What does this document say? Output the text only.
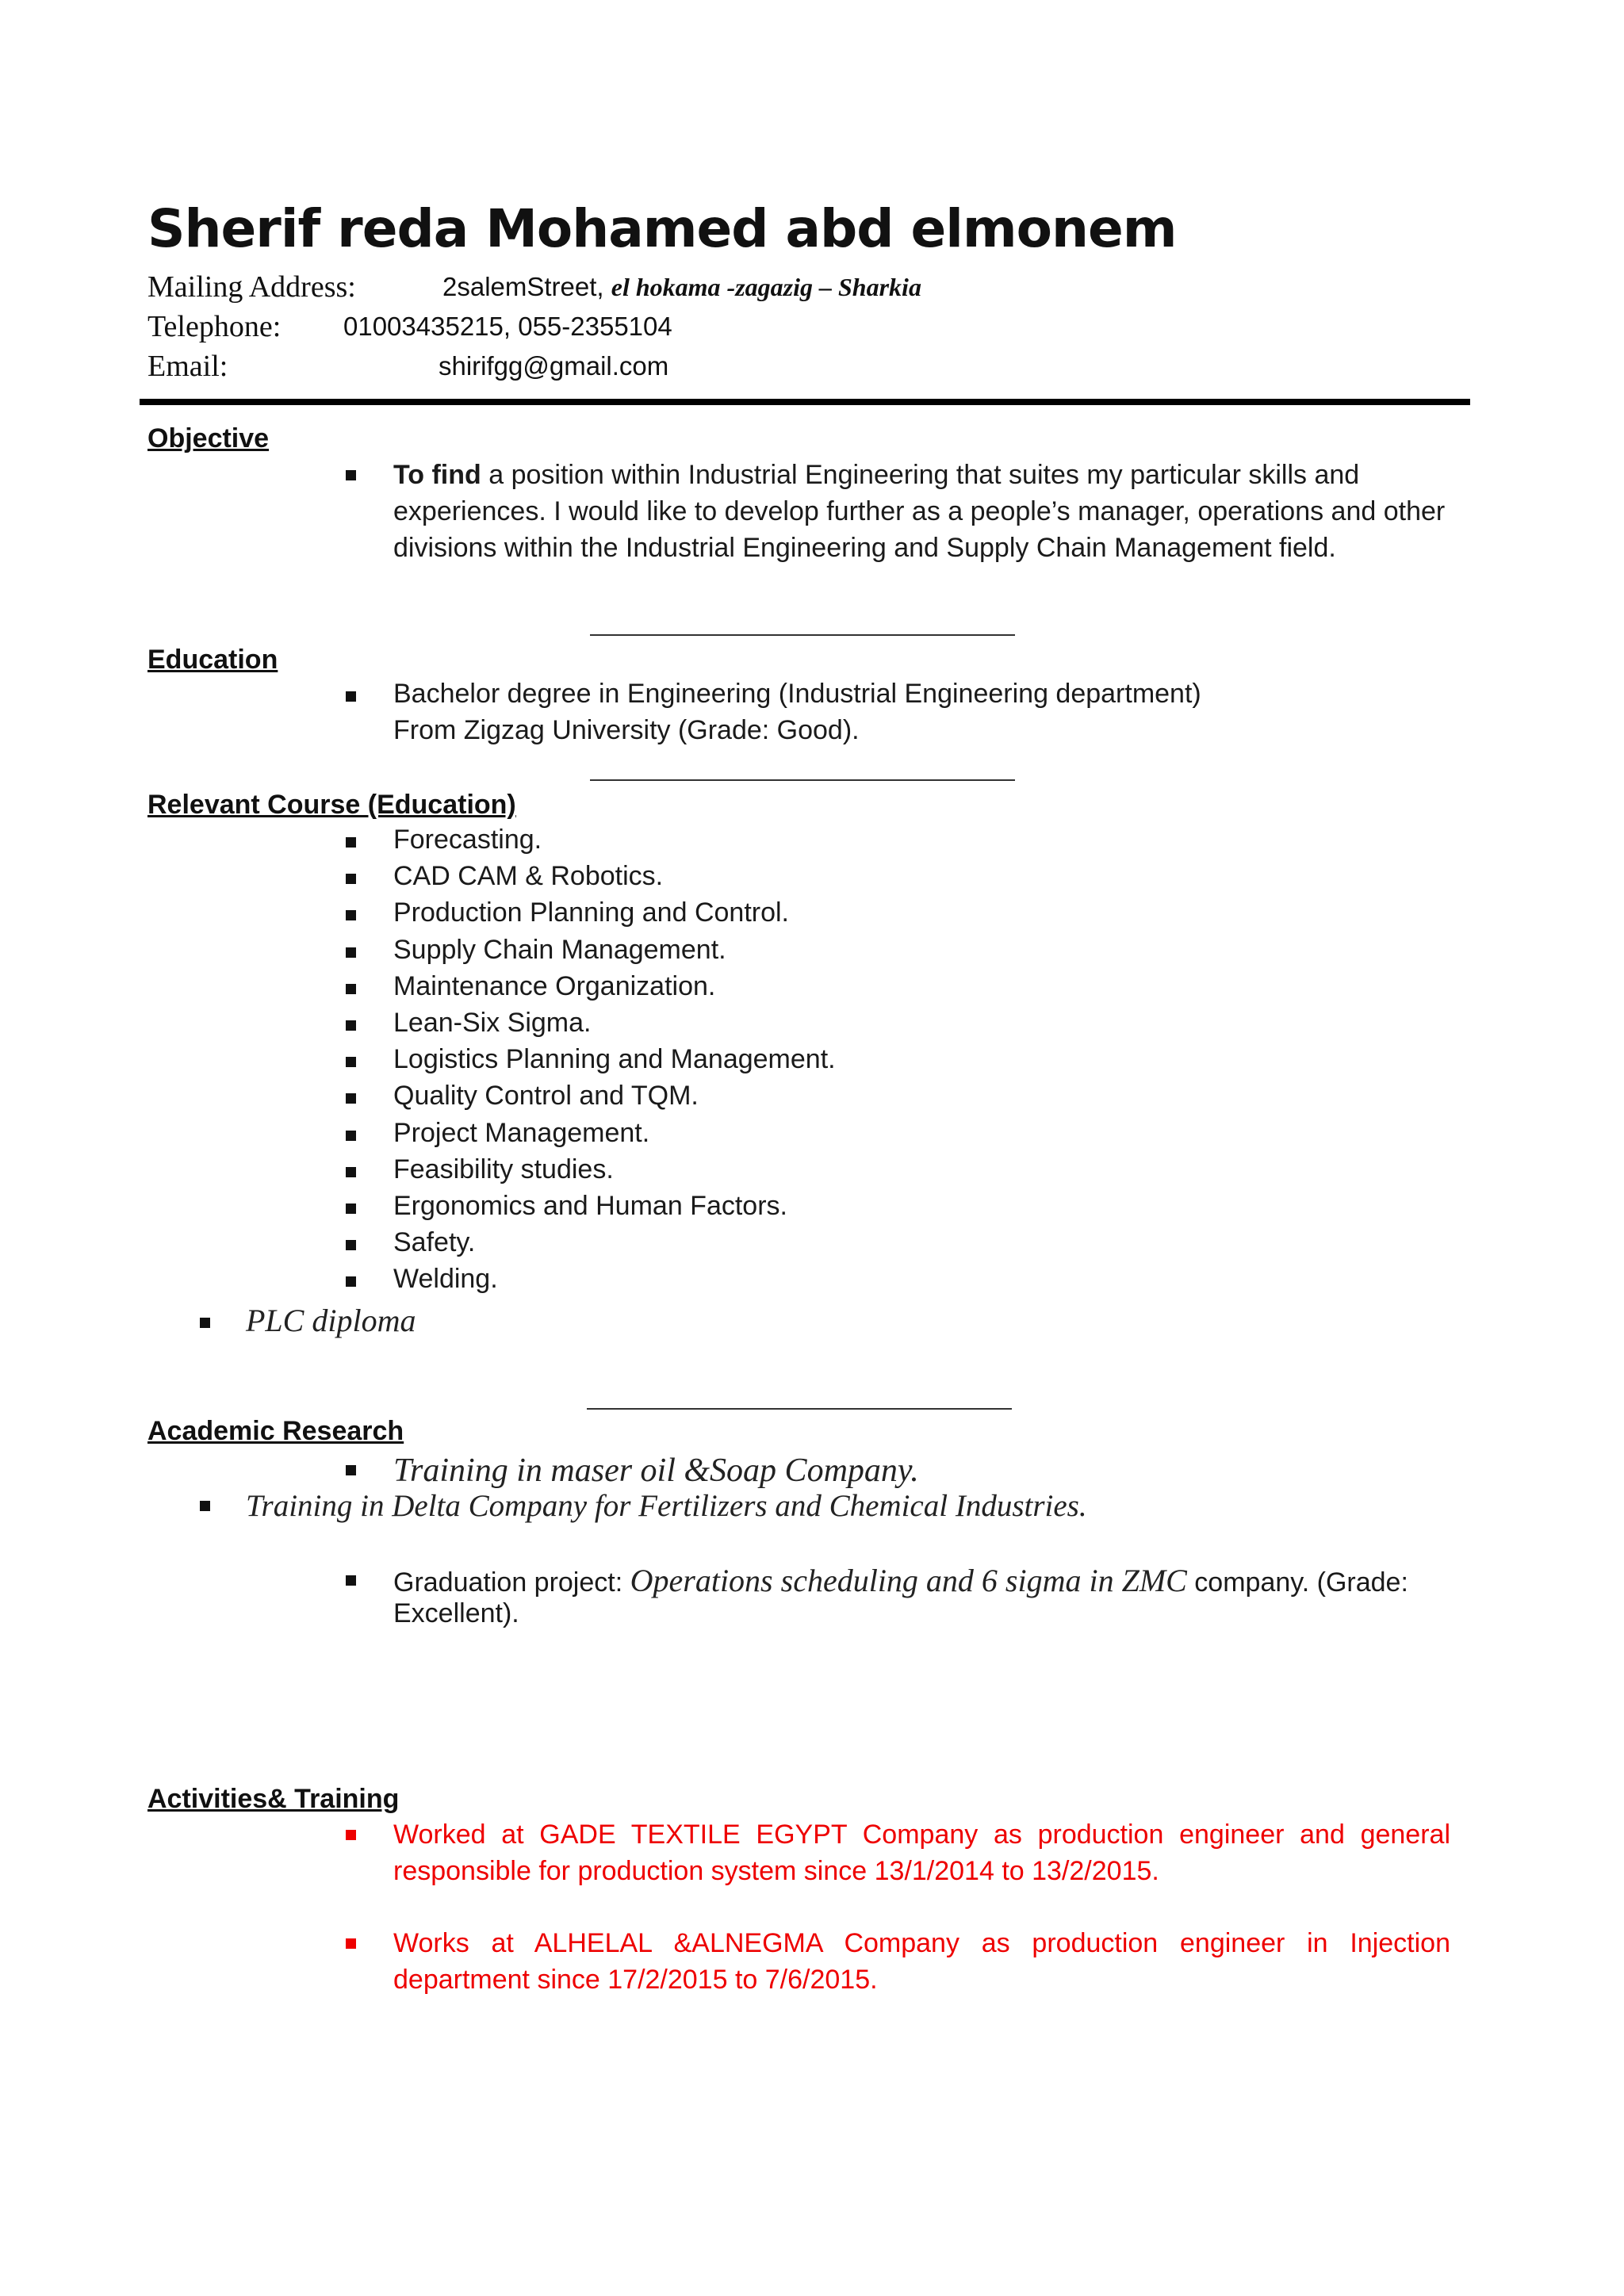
Sherif reda Mohamed abd elmonem
Mailing Address:	2salemStreet, el hokama -zagazig – Sharkia
Telephone: 01003435215, 055-2355104
Email:	shirifgg@gmail.com
Objective
To find a position within Industrial Engineering that suites my particular skills and experiences. I would like to develop further as a people’s manager, operations and other divisions within the Industrial Engineering and Supply Chain Management field.
Education
Bachelor degree in Engineering (Industrial Engineering department)
From Zigzag University (Grade: Good).
Relevant Course (Education)
Forecasting.
CAD CAM & Robotics.
Production Planning and Control.
Supply Chain Management.
Maintenance Organization.
Lean-Six Sigma.
Logistics Planning and Management.
Quality Control and TQM.
Project Management.
Feasibility studies.
Ergonomics and Human Factors.
Safety.
Welding.
PLC diploma
Academic Research
Training in maser oil &Soap Company.
Training in Delta Company for Fertilizers and Chemical Industries.
Graduation project: Operations scheduling and 6 sigma in ZMC company. (Grade:
Excellent).
Activities& Training
Worked at GADE TEXTILE EGYPT Company as production engineer and general responsible for production system since 13/1/2014 to 13/2/2015.
Works at ALHELAL &ALNEGMA Company as production engineer in Injection department since 17/2/2015 to 7/6/2015.
